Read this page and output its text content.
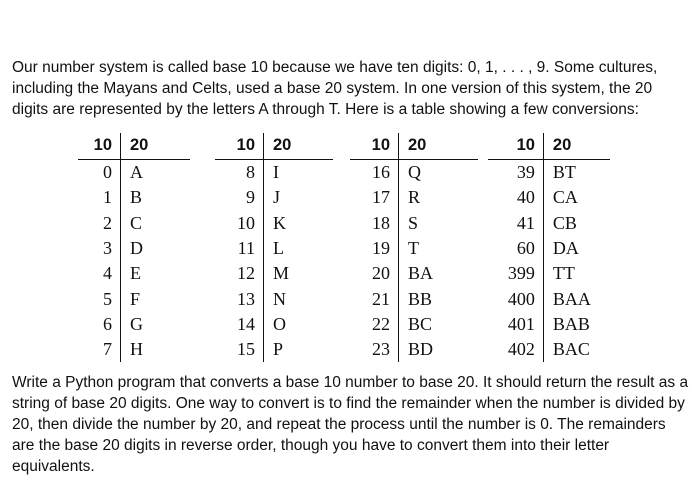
Our number system is called base 10 because we have ten digits: 0, 1, . . . , 9. Some cultures, including the Mayans and Celts, used a base 20 system. In one version of this system, the 20 digits are represented by the letters A through T. Here is a table showing a few conversions:

10	20
0	A
1	B
2	C
3	D
4	E
5	F
6	G
7	H
10	20
8	I
9	J
10	K
11	L
12	M
13	N
14	O
15	P
10	20
16	Q
17	R
18	S
19	T
20	BA
21	BB
22	BC
23	BD
10	20
39	BT
40	CA
41	CB
60	DA
399	TT
400	BAA
401	BAB
402	BAC

Write a Python program that converts a base 10 number to base 20. It should return the result as a string of base 20 digits. One way to convert is to find the remainder when the number is divided by 20, then divide the number by 20, and repeat the process until the number is 0. The remainders are the base 20 digits in reverse order, though you have to convert them into their letter equivalents.
